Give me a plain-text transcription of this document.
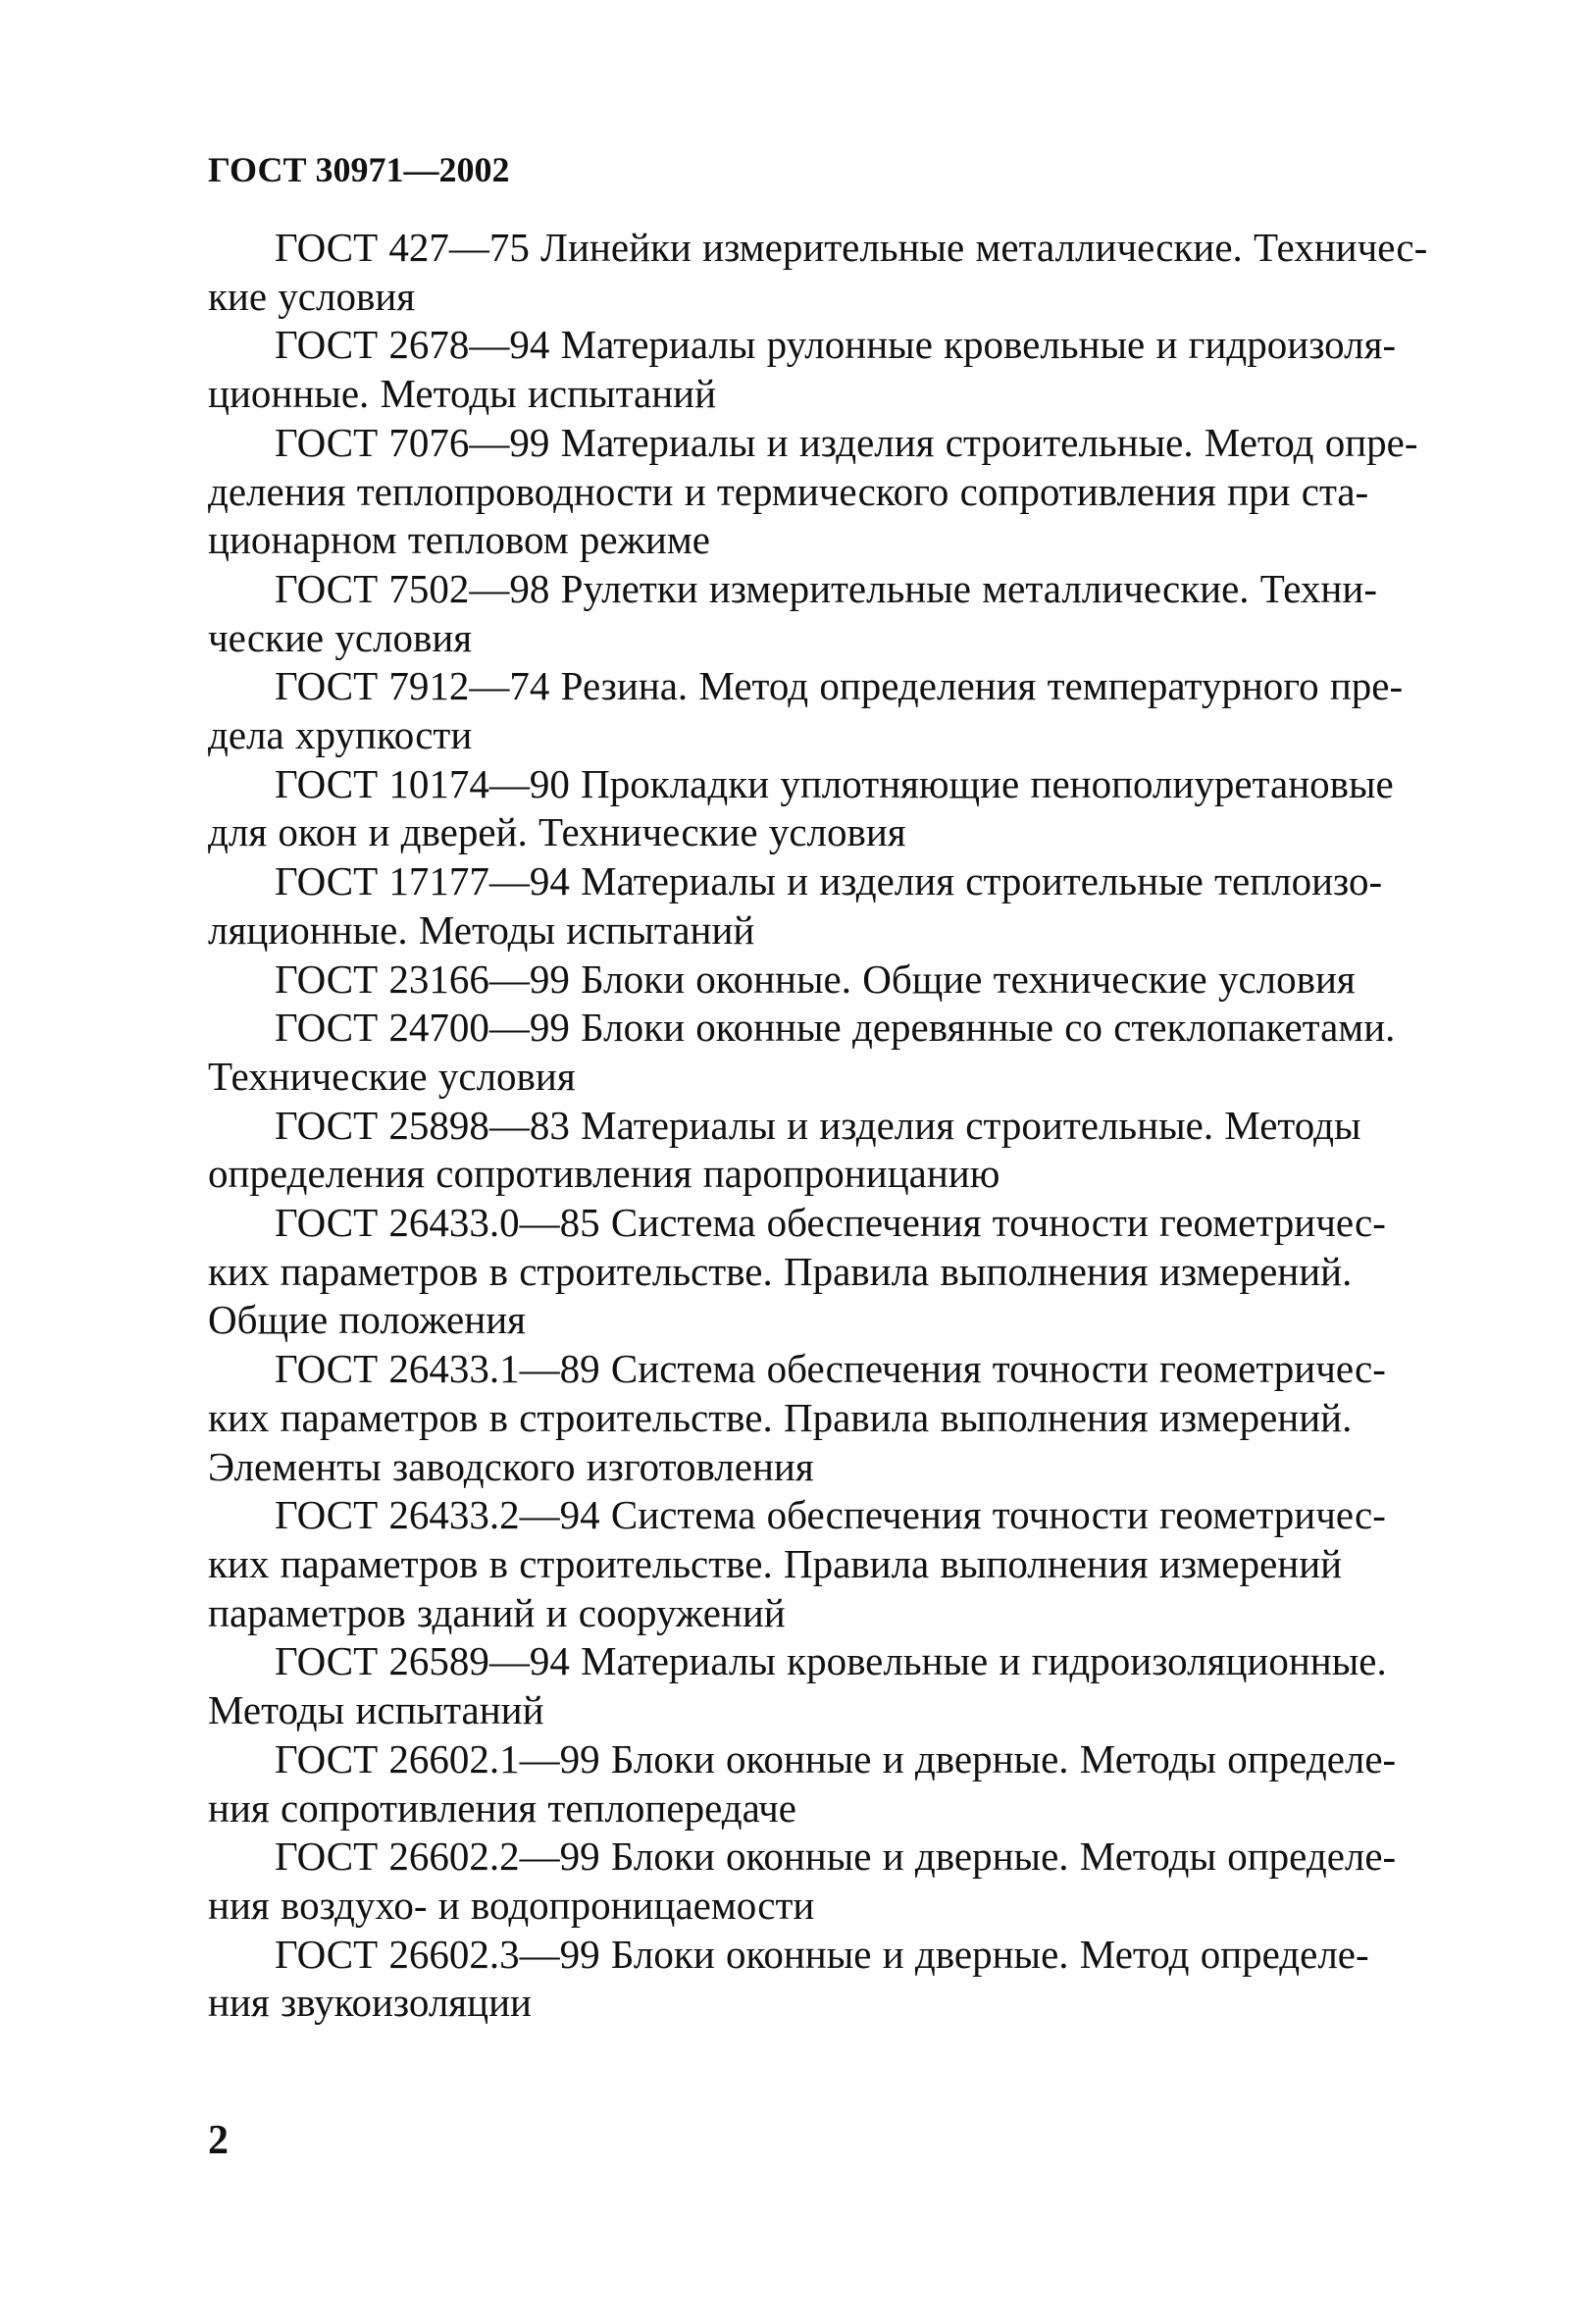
ГОСТ 30971—2002

ГОСТ 427—75 Линейки измерительные металлические. Техничес-
кие условия

ГОСТ 2678—94 Материалы рулонные кровельные и гидроизоля-
ционные. Методы испытаний

ГОСТ 7076—99 Материалы и изделия строительные. Метод опре-
деления теплопроводности и термического сопротивления при ста-
ционарном тепловом режиме

ГОСТ 7502—98 Рулетки измерительные металлические. Техни-
ческие условия

ГОСТ 7912—74 Резина. Метод определения температурного пре-
дела хрупкости

ГОСТ 10174—90 Прокладки уплотняющие пенополиуретановые
для окон и дверей. Технические условия

ГОСТ 17177—94 Материалы и изделия строительные теплоизо-
ляционные. Методы испытаний

ГОСТ 23166—99 Блоки оконные. Общие технические условия

ГОСТ 24700—99 Блоки оконные деревянные со стеклопакетами.
Технические условия

ГОСТ 25898—83 Материалы и изделия строительные. Методы
определения сопротивления паропроницанию

ГОСТ 26433.0—85 Система обеспечения точности геометричес-
ких параметров в строительстве. Правила выполнения измерений.
Общие положения

ГОСТ 26433.1—89 Система обеспечения точности геометричес-
ких параметров в строительстве. Правила выполнения измерений.
Элементы заводского изготовления

ГОСТ 26433.2—94 Система обеспечения точности геометричес-
ких параметров в строительстве. Правила выполнения измерений
параметров зданий и сооружений

ГОСТ 26589—94 Материалы кровельные и гидроизоляционные.
Методы испытаний

ГОСТ 26602.1—99 Блоки оконные и дверные. Методы определе-
ния сопротивления теплопередаче

ГОСТ 26602.2—99 Блоки оконные и дверные. Методы определе-
ния воздухо- и водопроницаемости

ГОСТ 26602.3—99 Блоки оконные и дверные. Метод определе-
ния звукоизоляции

2
